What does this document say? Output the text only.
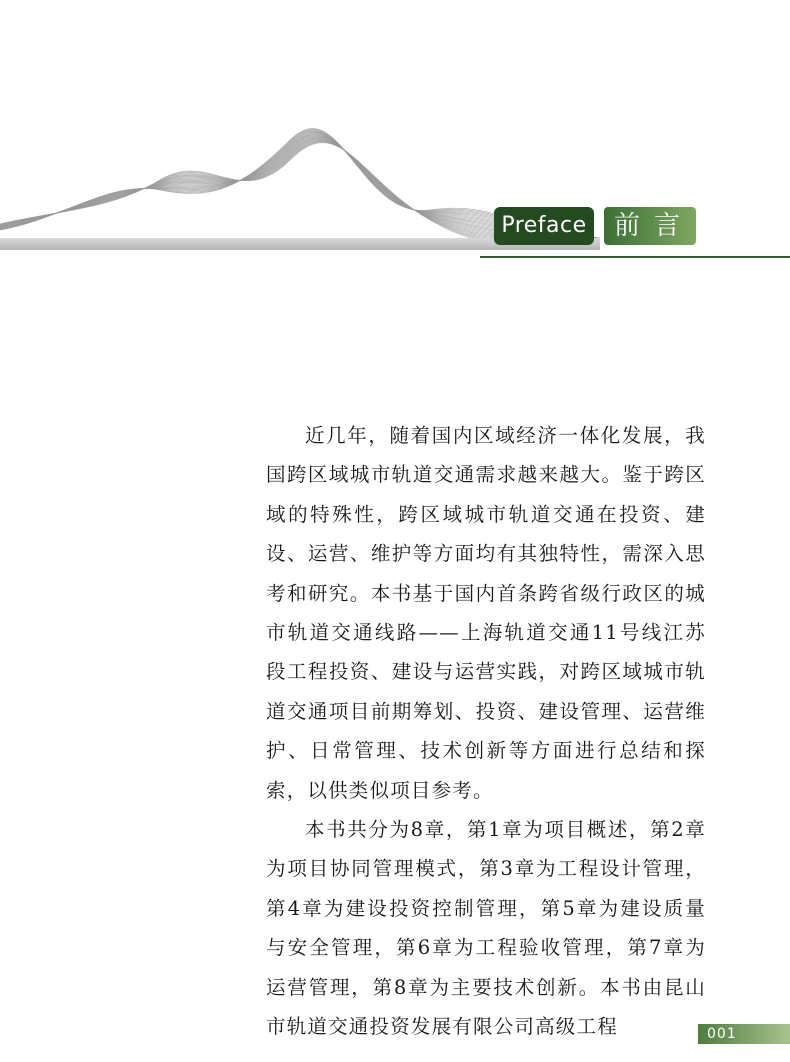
Preface	前言

近几年，随着国内区域经济一体化发展，我国跨区域城市轨道交通需求越来越大。鉴于跨区域的特殊性，跨区域城市轨道交通在投资、建设、运营、维护等方面均有其独特性，需深入思考和研究。本书基于国内首条跨省级行政区的城市轨道交通线路——上海轨道交通11号线江苏段工程投资、建设与运营实践，对跨区域城市轨道交通项目前期筹划、投资、建设管理、运营维护、日常管理、技术创新等方面进行总结和探索，以供类似项目参考。

本书共分为8章，第1章为项目概述，第2章为项目协同管理模式，第3章为工程设计管理，第4章为建设投资控制管理，第5章为建设质量与安全管理，第6章为工程验收管理，第7章为运营管理，第8章为主要技术创新。本书由昆山市轨道交通投资发展有限公司高级工程	001
